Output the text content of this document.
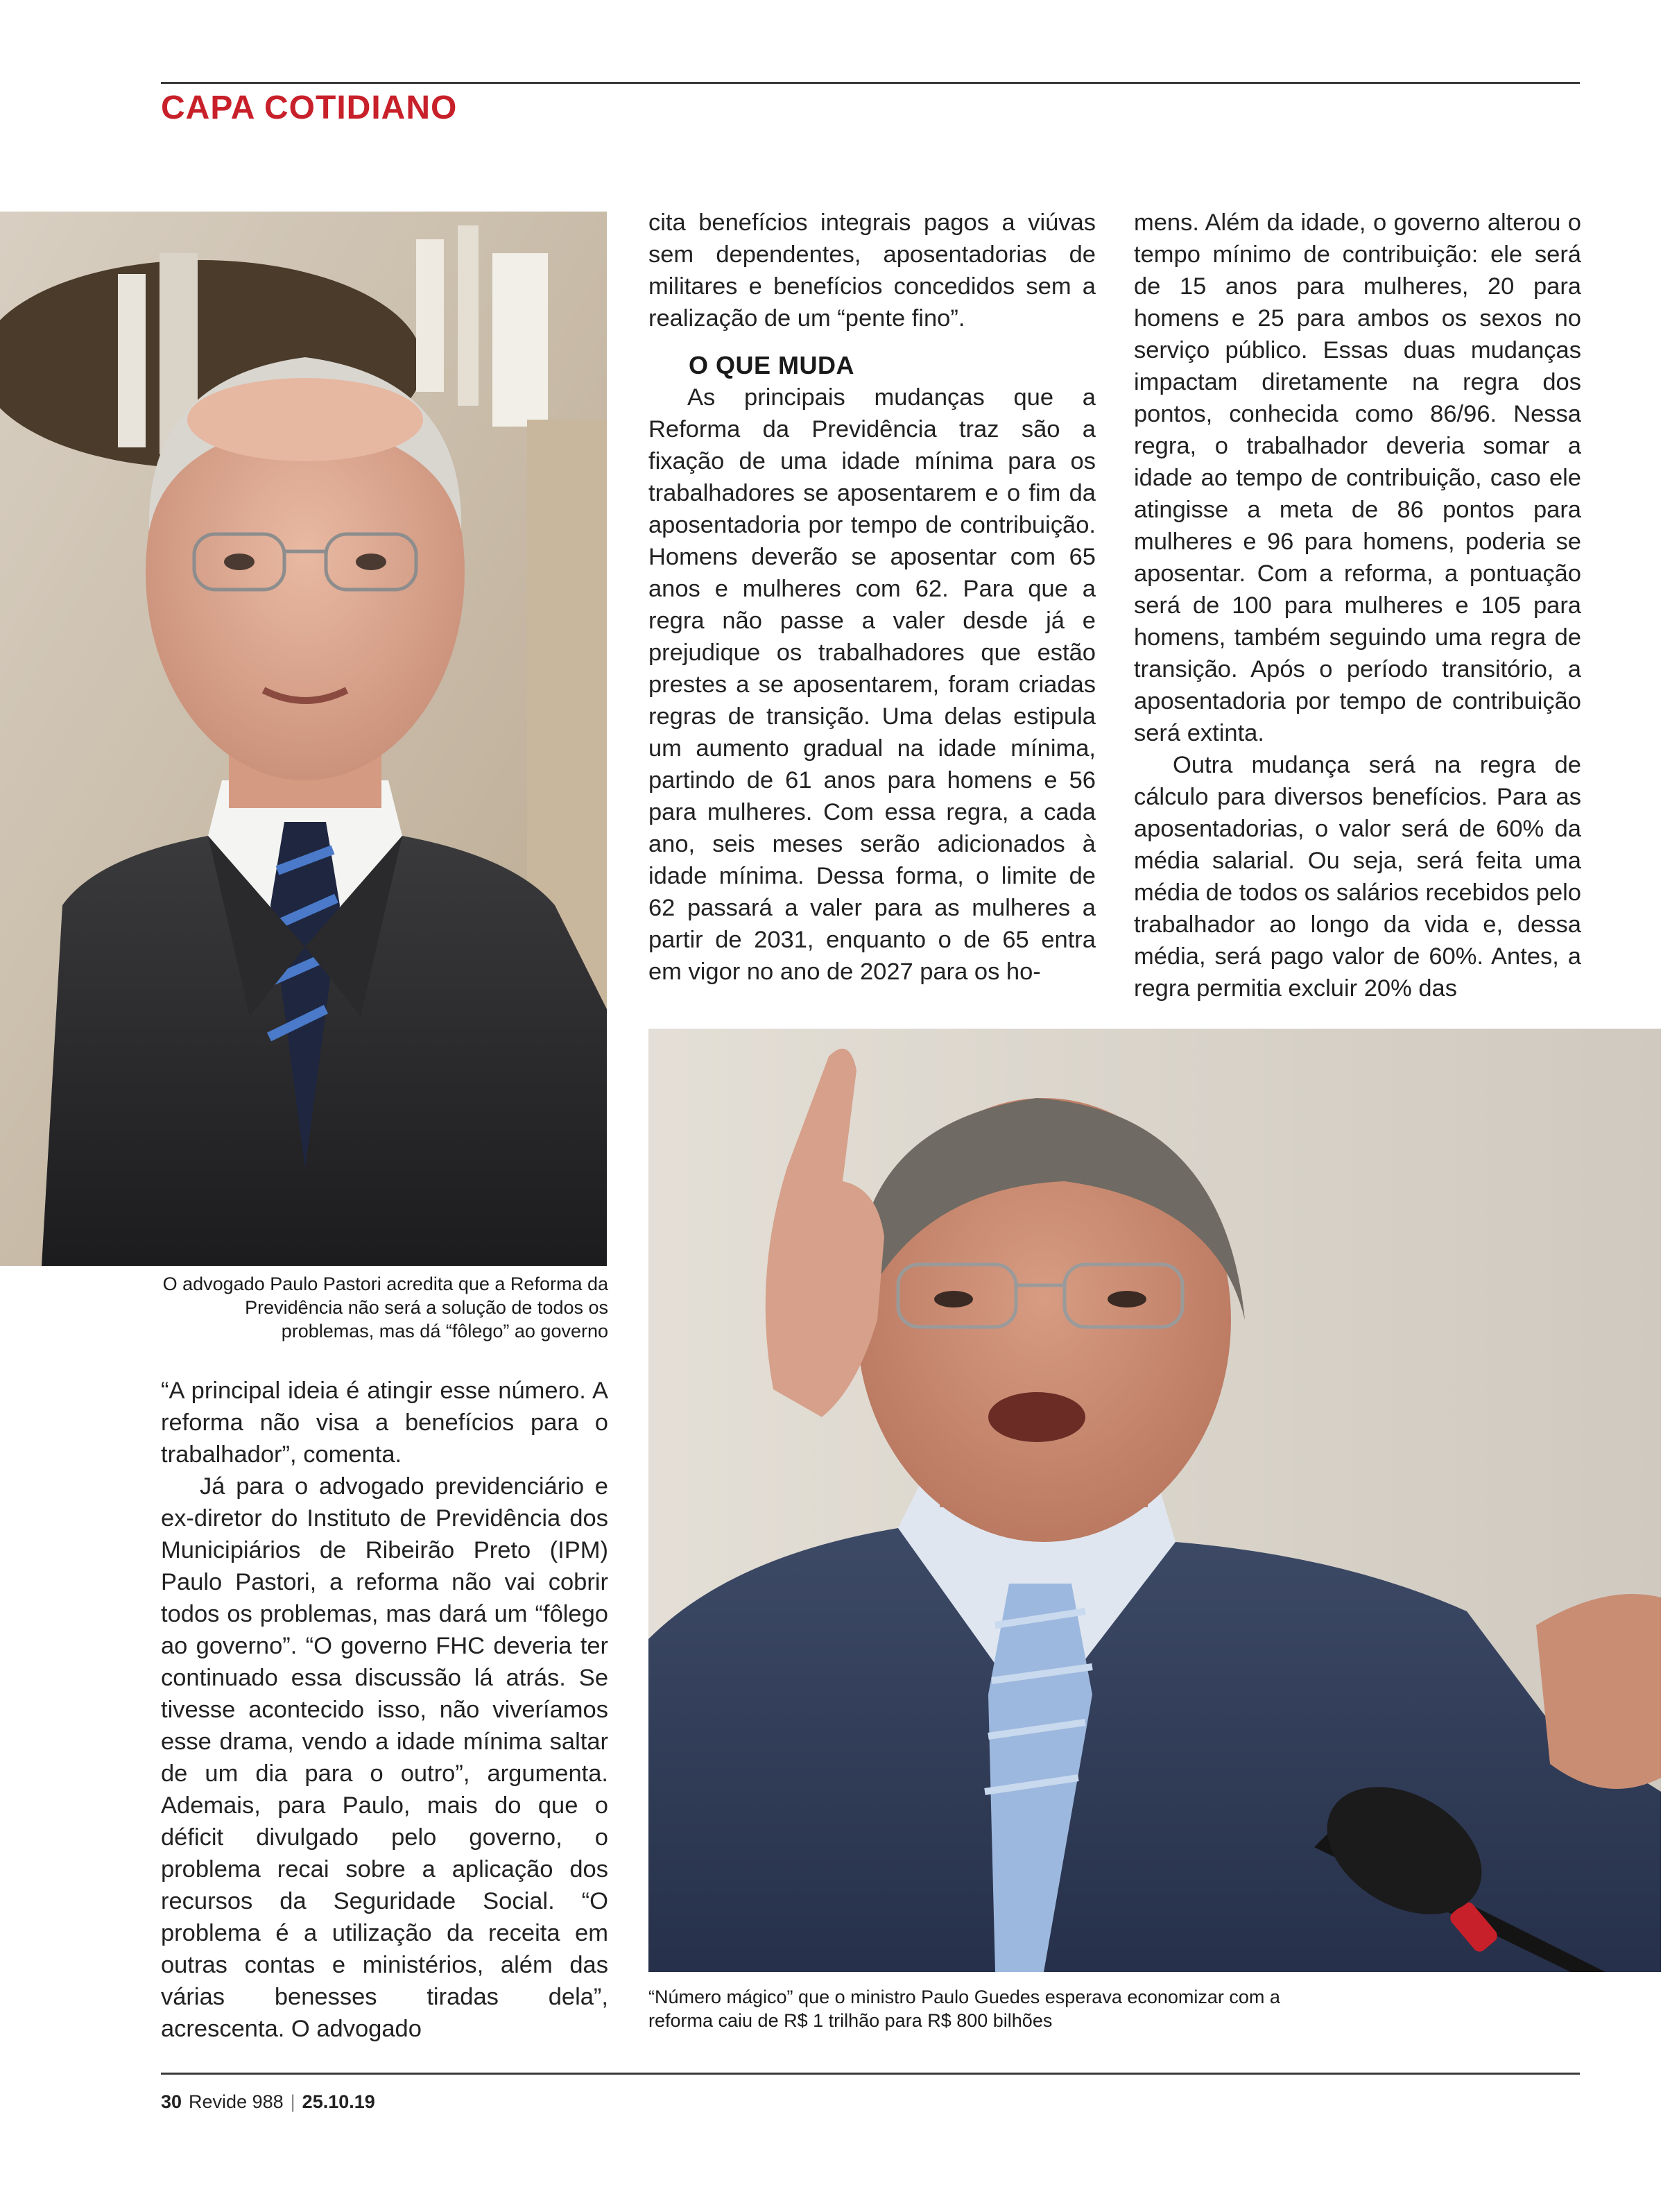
CAPA COTIDIANO
O advogado Paulo Pastori acredita que a Reforma da Previdência não será a solução de todos os problemas, mas dá “fôlego” ao governo

cita benefícios integrais pagos a viúvas sem dependentes, aposentadorias de militares e benefícios concedidos sem a realização de um “pente fino”.

O QUE MUDA

As principais mudanças que a Reforma da Previdência traz são a fixação de uma idade mínima para os trabalhadores se aposentarem e o fim da aposentadoria por tempo de contribuição. Homens deverão se aposentar com 65 anos e mulheres com 62. Para que a regra não passe a valer desde já e prejudique os trabalhadores que estão prestes a se aposentarem, foram criadas regras de transição. Uma delas estipula um aumento gradual na idade mínima, partindo de 61 anos para homens e 56 para mulheres. Com essa regra, a cada ano, seis meses serão adicionados à idade mínima. Dessa forma, o limite de 62 passará a valer para as mulheres a partir de 2031, enquanto o de 65 entra em vigor no ano de 2027 para os ho-

mens. Além da idade, o governo alterou o tempo mínimo de contribuição: ele será de 15 anos para mulheres, 20 para homens e 25 para ambos os sexos no serviço público. Essas duas mudanças impactam diretamente na regra dos pontos, conhecida como 86/96. Nessa regra, o trabalhador deveria somar a idade ao tempo de contribuição, caso ele atingisse a meta de 86 pontos para mulheres e 96 para homens, poderia se aposentar. Com a reforma, a pontuação será de 100 para mulheres e 105 para homens, também seguindo uma regra de transição. Após o período transitório, a aposentadoria por tempo de contribuição será extinta.

Outra mudança será na regra de cálculo para diversos benefícios. Para as aposentadorias, o valor será de 60% da média salarial. Ou seja, será feita uma média de todos os salários recebidos pelo trabalhador ao longo da vida e, dessa média, será pago valor de 60%. Antes, a regra permitia excluir 20% das

“Número mágico” que o ministro Paulo Guedes esperava economizar com a reforma caiu de R$ 1 trilhão para R$ 800 bilhões

“A principal ideia é atingir esse número. A reforma não visa a benefícios para o trabalhador”, comenta.

Já para o advogado previdenciário e ex-diretor do Instituto de Previdência dos Municipiários de Ribeirão Preto (IPM) Paulo Pastori, a reforma não vai cobrir todos os problemas, mas dará um “fôlego ao governo”. “O governo FHC deveria ter continuado essa discussão lá atrás. Se tivesse acontecido isso, não viveríamos esse drama, vendo a idade mínima saltar de um dia para o outro”, argumenta. Ademais, para Paulo, mais do que o déficit divulgado pelo governo, o problema recai sobre a aplicação dos recursos da Seguridade Social. “O problema é a utilização da receita em outras contas e ministérios, além das várias benesses tiradas dela”, acrescenta. O advogado

30 Revide 988 | 25.10.19
